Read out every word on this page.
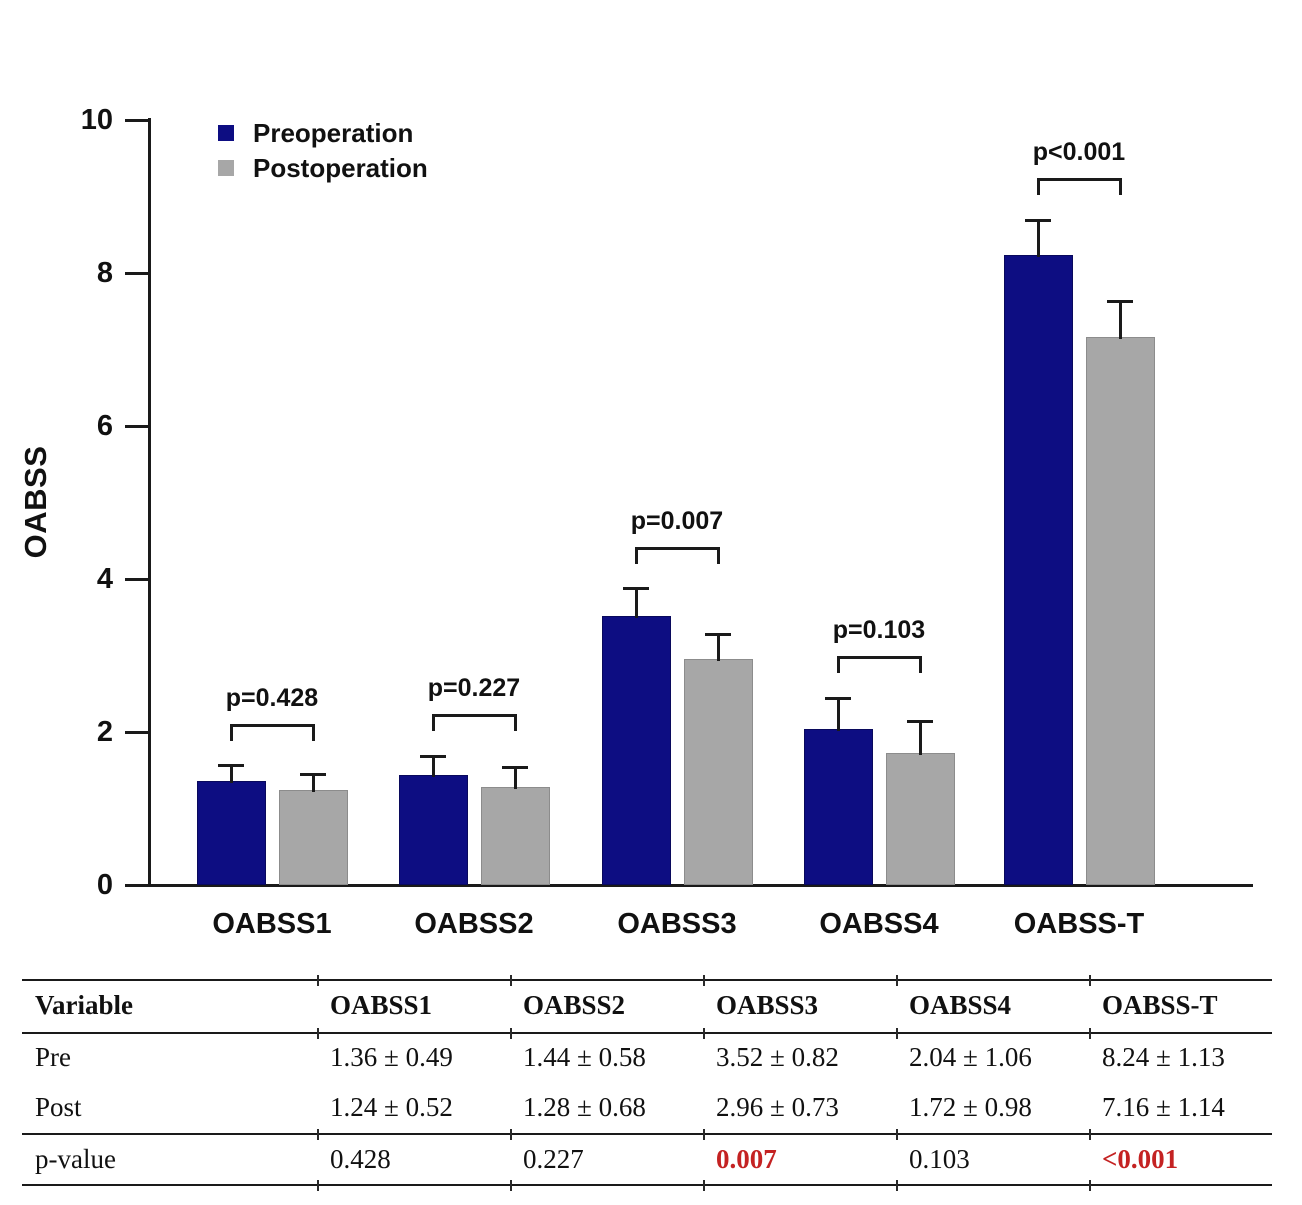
OABSS
Preoperation
Postoperation
0
2
4
6
8
10
p=0.428
OABSS1
p=0.227
OABSS2
p=0.007
OABSS3
p=0.103
OABSS4
p<0.001
OABSS-T
Variable	OABSS1	OABSS2	OABSS3	OABSS4	OABSS-T
Pre	1.36 ± 0.49	1.44 ± 0.58	3.52 ± 0.82	2.04 ± 1.06	8.24 ± 1.13
Post	1.24 ± 0.52	1.28 ± 0.68	2.96 ± 0.73	1.72 ± 0.98	7.16 ± 1.14
p-value	0.428	0.227	0.007	0.103	<0.001
